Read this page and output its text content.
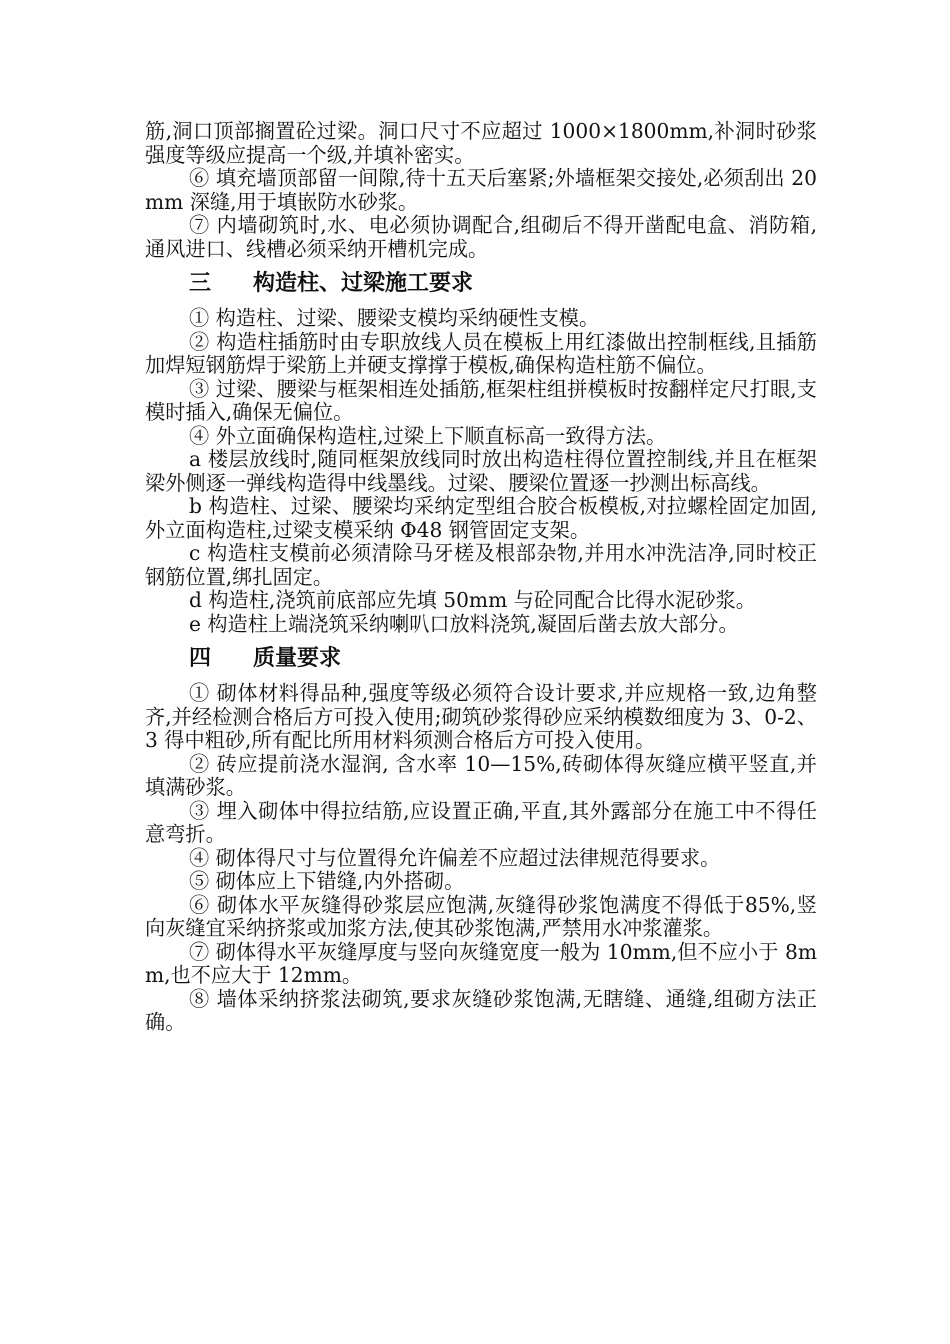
筋,洞口顶部搁置砼过梁。洞口尺寸不应超过 1000×1800mm,补洞时砂浆强度等级应提高一个级,并填补密实。

⑥ 填充墙顶部留一间隙,待十五天后塞紧;外墙框架交接处,必须刮出 20mm 深缝,用于填嵌防水砂浆。

⑦ 内墙砌筑时,水、电必须协调配合,组砌后不得开凿配电盒、消防箱,通风进口、线槽必须采纳开槽机完成。

三	构造柱、过梁施工要求

① 构造柱、过梁、腰梁支模均采纳硬性支模。

② 构造柱插筋时由专职放线人员在模板上用红漆做出控制框线,且插筋加焊短钢筋焊于梁筋上并硬支撑撑于模板,确保构造柱筋不偏位。

③ 过梁、腰梁与框架相连处插筋,框架柱组拼模板时按翻样定尺打眼,支模时插入,确保无偏位。

④ 外立面确保构造柱,过梁上下顺直标高一致得方法。

a 楼层放线时,随同框架放线同时放出构造柱得位置控制线,并且在框架梁外侧逐一弹线构造得中线墨线。过梁、腰梁位置逐一抄测出标高线。

b 构造柱、过梁、腰梁均采纳定型组合胶合板模板,对拉螺栓固定加固,外立面构造柱,过梁支模采纳 Φ48 钢管固定支架。

c 构造柱支模前必须清除马牙槎及根部杂物,并用水冲洗洁净,同时校正钢筋位置,绑扎固定。

d 构造柱,浇筑前底部应先填 50mm 与砼同配合比得水泥砂浆。

e 构造柱上端浇筑采纳喇叭口放料浇筑,凝固后凿去放大部分。

四	质量要求

① 砌体材料得品种,强度等级必须符合设计要求,并应规格一致,边角整齐,并经检测合格后方可投入使用;砌筑砂浆得砂应采纳模数细度为 3、0-2、3 得中粗砂,所有配比所用材料须测合格后方可投入使用。

② 砖应提前浇水湿润, 含水率 10—15%,砖砌体得灰缝应横平竖直,并填满砂浆。

③ 埋入砌体中得拉结筋,应设置正确,平直,其外露部分在施工中不得任意弯折。

④ 砌体得尺寸与位置得允许偏差不应超过法律规范得要求。

⑤ 砌体应上下错缝,内外搭砌。

⑥ 砌体水平灰缝得砂浆层应饱满,灰缝得砂浆饱满度不得低于85%,竖向灰缝宜采纳挤浆或加浆方法,使其砂浆饱满,严禁用水冲浆灌浆。

⑦ 砌体得水平灰缝厚度与竖向灰缝宽度一般为 10mm,但不应小于 8mm,也不应大于 12mm。

⑧ 墙体采纳挤浆法砌筑,要求灰缝砂浆饱满,无瞎缝、通缝,组砌方法正确。
